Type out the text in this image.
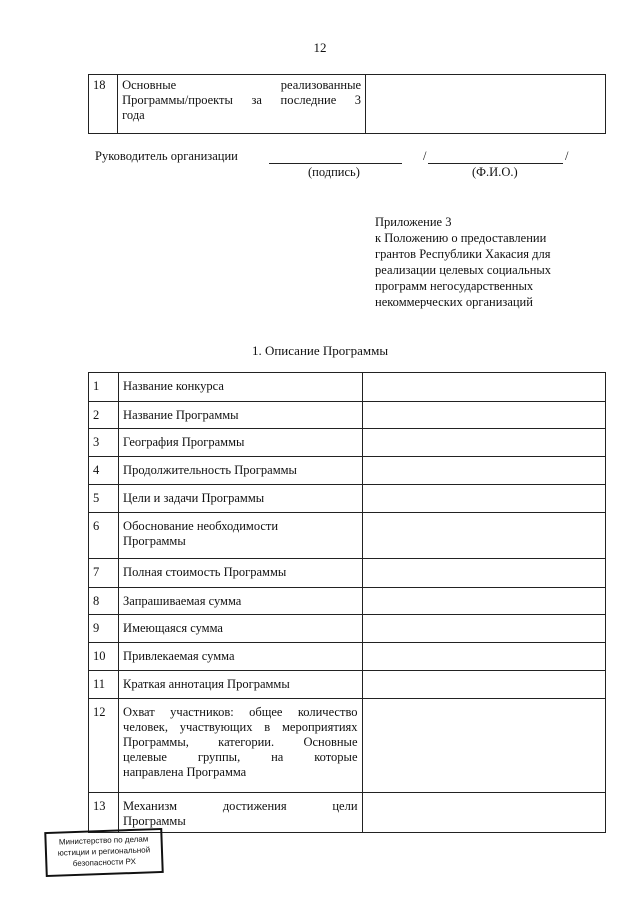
12
18	Основные реализованные
Программы/проекты за последние 3
года

Руководитель организации	/	/
(подпись)	(Ф.И.О.)
Приложение 3
к Положению о предоставлении
грантов Республики Хакасия для
реализации целевых социальных
программ негосударственных
некоммерческих организаций
1. Описание Программы
1	Название конкурса	

2	Название Программы	

3	География Программы	

4	Продолжительность Программы	

5	Цели и задачи Программы	

6	Обоснование необходимости
Программы	

7	Полная стоимость Программы	

8	Запрашиваемая сумма	

9	Имеющаяся сумма	

10	Привлекаемая сумма	

11	Краткая аннотация Программы	

12	Охват участников: общее количество
человек, участвующих в мероприятиях
Программы, категории. Основные
целевые группы, на которые
направлена Программа	

13	Механизм достижения цели
Программы	

Министерство по делам
юстиции и региональной
безопасности РХ
